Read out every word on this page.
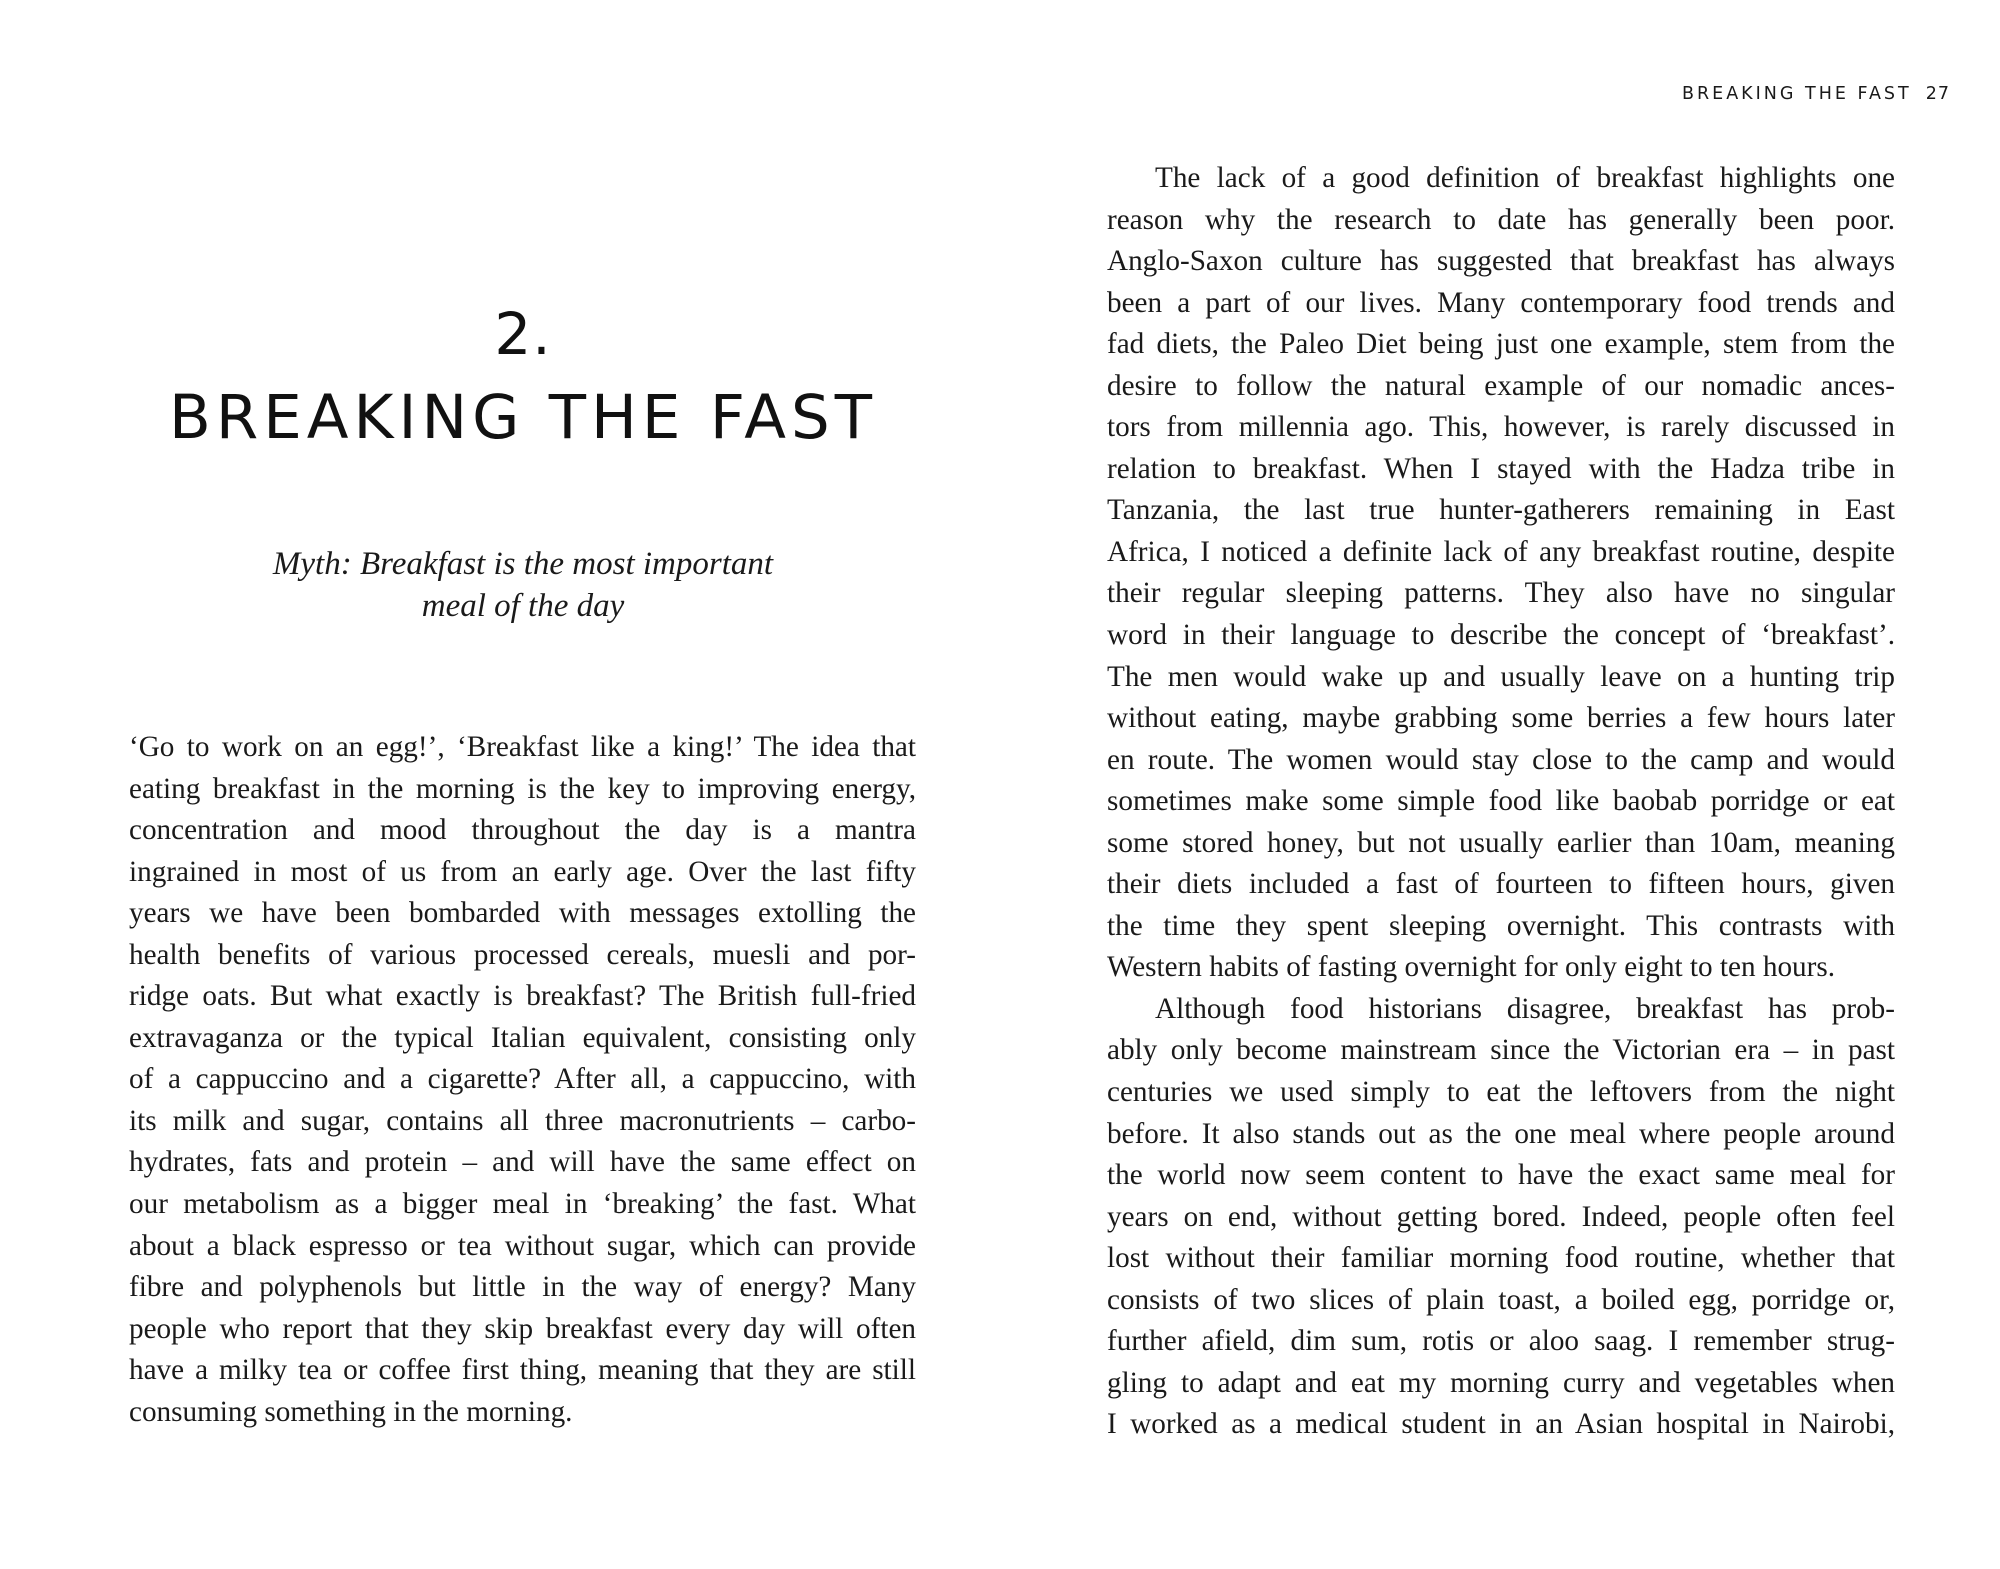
2.
BREAKING THE FAST
Myth: Breakfast is the most important
meal of the day
‘Go to work on an egg!’, ‘Breakfast like a king!’ The idea that
eating breakfast in the morning is the key to improving energy,
concentration and mood throughout the day is a mantra
ingrained in most of us from an early age. Over the last fifty
years we have been bombarded with messages extolling the
health benefits of various processed cereals, muesli and por-
ridge oats. But what exactly is breakfast? The British full-fried
extravaganza or the typical Italian equivalent, consisting only
of a cappuccino and a cigarette? After all, a cappuccino, with
its milk and sugar, contains all three macronutrients – carbo-
hydrates, fats and protein – and will have the same effect on
our metabolism as a bigger meal in ‘breaking’ the fast. What
about a black espresso or tea without sugar, which can provide
fibre and polyphenols but little in the way of energy? Many
people who report that they skip breakfast every day will often
have a milky tea or coffee first thing, meaning that they are still
consuming something in the morning.
BREAKING THE FAST 27
The lack of a good definition of breakfast highlights one
reason why the research to date has generally been poor.
Anglo-Saxon culture has suggested that breakfast has always
been a part of our lives. Many contemporary food trends and
fad diets, the Paleo Diet being just one example, stem from the
desire to follow the natural example of our nomadic ances-
tors from millennia ago. This, however, is rarely discussed in
relation to breakfast. When I stayed with the Hadza tribe in
Tanzania, the last true hunter-gatherers remaining in East
Africa, I noticed a definite lack of any breakfast routine, despite
their regular sleeping patterns. They also have no singular
word in their language to describe the concept of ‘breakfast’.
The men would wake up and usually leave on a hunting trip
without eating, maybe grabbing some berries a few hours later
en route. The women would stay close to the camp and would
sometimes make some simple food like baobab porridge or eat
some stored honey, but not usually earlier than 10am, meaning
their diets included a fast of fourteen to fifteen hours, given
the time they spent sleeping overnight. This contrasts with
Western habits of fasting overnight for only eight to ten hours.
Although food historians disagree, breakfast has prob-
ably only become mainstream since the Victorian era – in past
centuries we used simply to eat the leftovers from the night
before. It also stands out as the one meal where people around
the world now seem content to have the exact same meal for
years on end, without getting bored. Indeed, people often feel
lost without their familiar morning food routine, whether that
consists of two slices of plain toast, a boiled egg, porridge or,
further afield, dim sum, rotis or aloo saag. I remember strug-
gling to adapt and eat my morning curry and vegetables when
I worked as a medical student in an Asian hospital in Nairobi,
